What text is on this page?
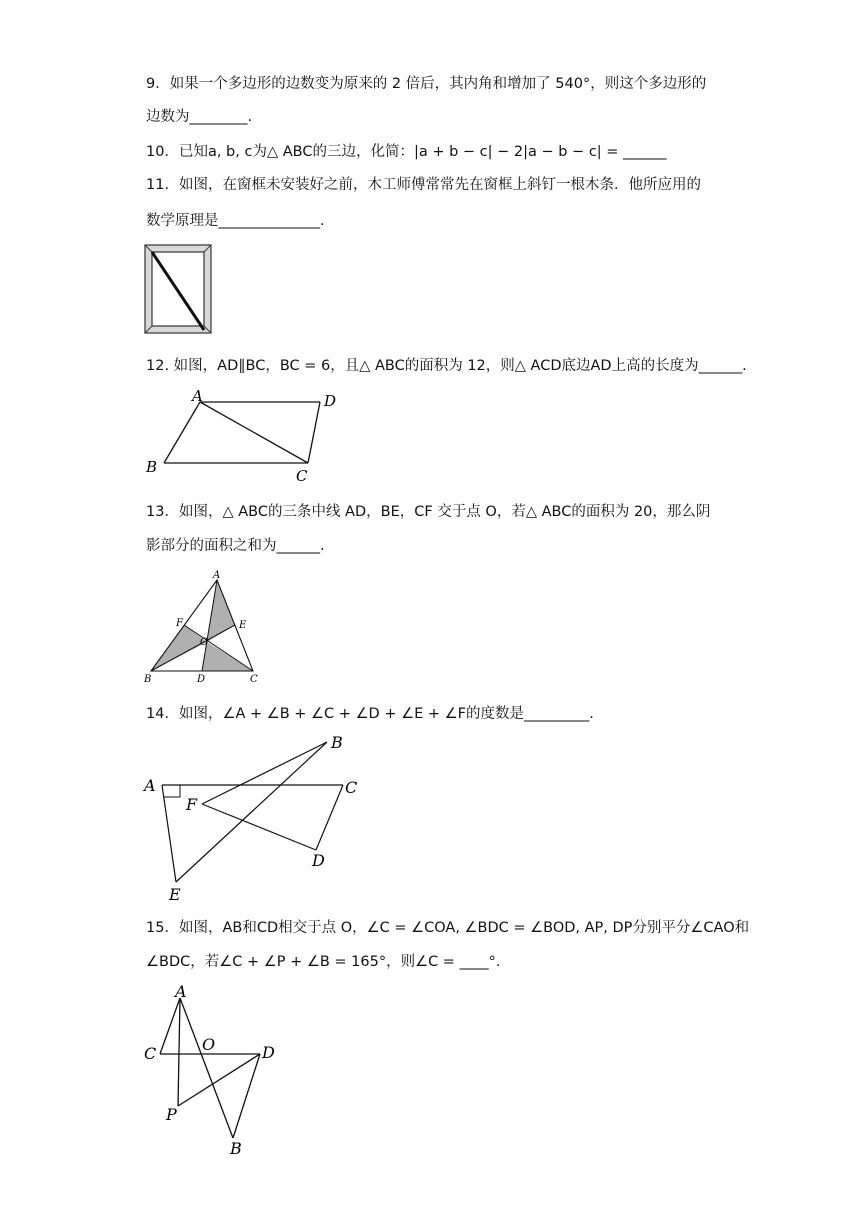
9．如果一个多边形的边数变为原来的 2 倍后，其内角和增加了 540°，则这个多边形的
边数为________.
10．已知a, b, c为△ ABC的三边，化简：|a + b − c| − 2|a − b − c| = ______
11．如图，在窗框未安装好之前，木工师傅常常先在窗框上斜钉一根木条．他所应用的
数学原理是______________.
12. 如图，AD∥BC，BC = 6，且△ ABC的面积为 12，则△ ACD底边AD上高的长度为______.
A	D
B	C
13．如图，△ ABC的三条中线 AD，BE，CF 交于点 O，若△ ABC的面积为 20，那么阴
影部分的面积之和为______.
A
E
F
O
B	D	C
14．如图，∠A + ∠B + ∠C + ∠D + ∠E + ∠F的度数是_________.
A
B
C
F
D
E
15．如图，AB和CD相交于点 O，∠C = ∠COA, ∠BDC = ∠BOD, AP, DP分别平分∠CAO和
∠BDC，若∠C + ∠P + ∠B = 165°，则∠C = ____°.
A
C	O	D
P
B
